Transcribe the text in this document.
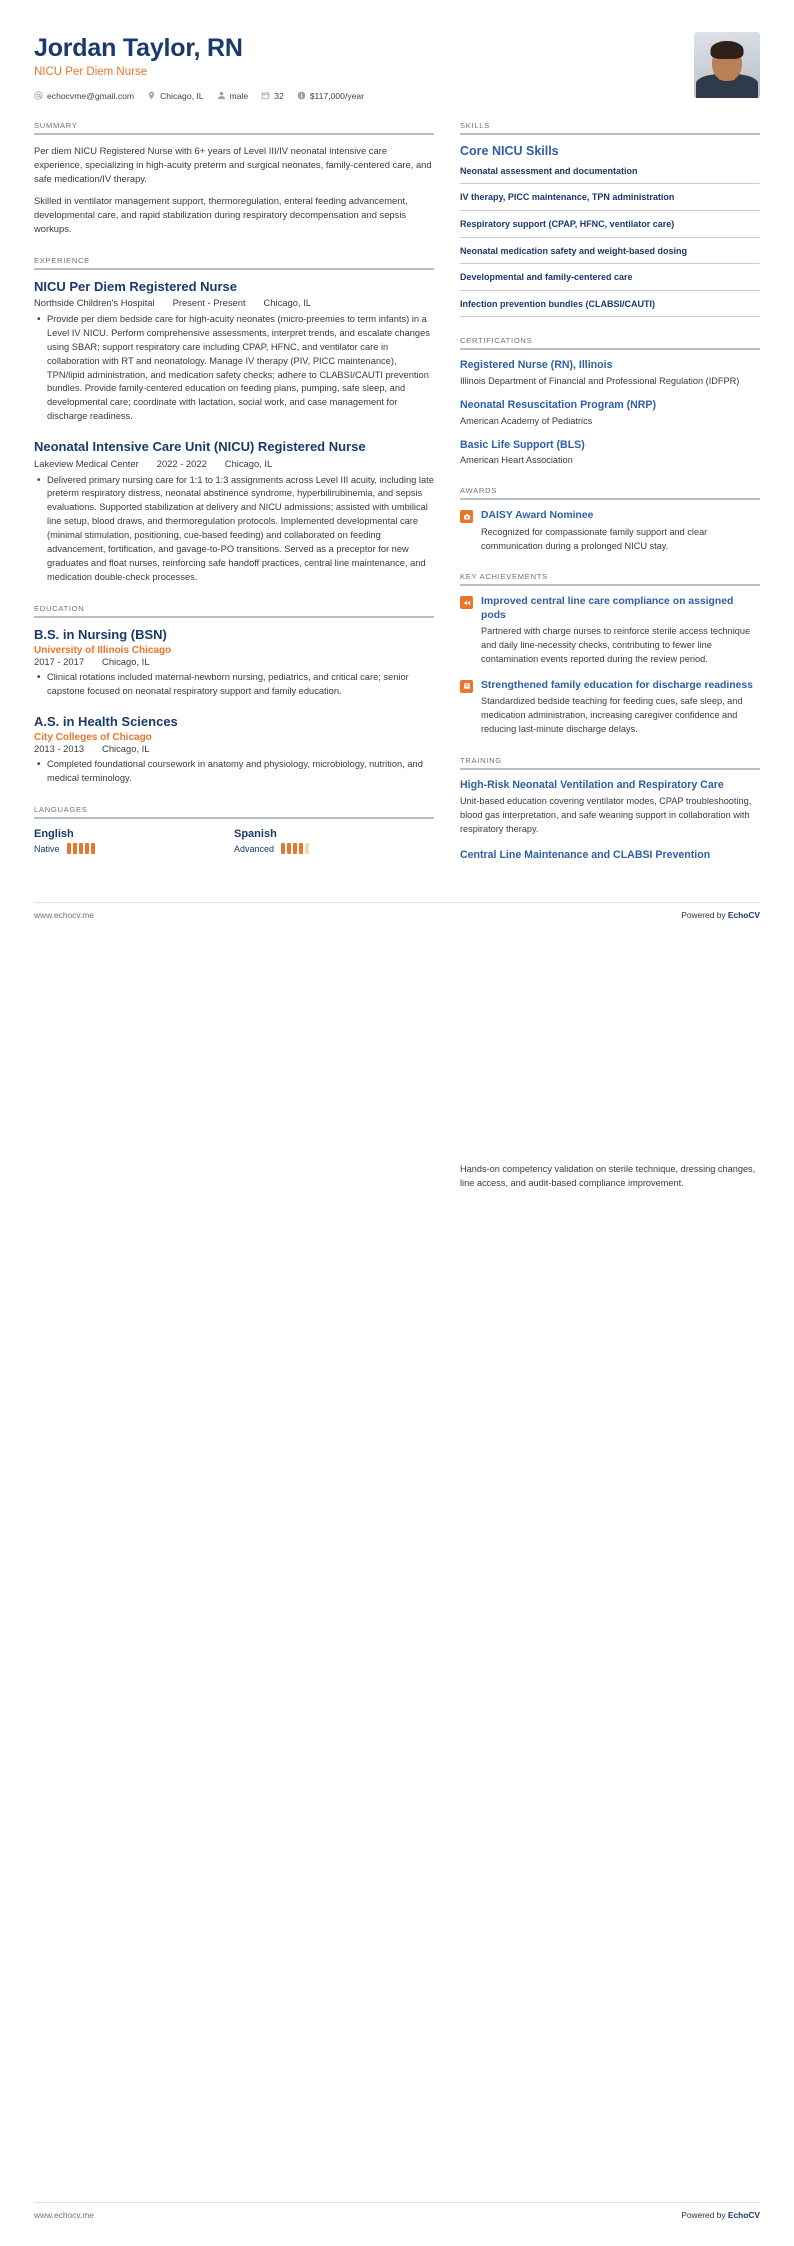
Jordan Taylor, RN
NICU Per Diem Nurse
echocvme@gmail.com	Chicago, IL	male	32	$117,000/year
SUMMARY

Per diem NICU Registered Nurse with 6+ years of Level III/IV neonatal intensive care experience, specializing in high-acuity preterm and surgical neonates, family-centered care, and safe medication/IV therapy.

Skilled in ventilator management support, thermoregulation, enteral feeding advancement, developmental care, and rapid stabilization during respiratory decompensation and sepsis workups.

EXPERIENCE
NICU Per Diem Registered Nurse
Northside Children's Hospital Present - Present Chicago, IL
• Provide per diem bedside care for high-acuity neonates (micro-preemies to term infants) in a Level IV NICU. Perform comprehensive assessments, interpret trends, and escalate changes using SBAR; support respiratory care including CPAP, HFNC, and ventilator care in collaboration with RT and neonatology. Manage IV therapy (PIV, PICC maintenance), TPN/lipid administration, and medication safety checks; adhere to CLABSI/CAUTI prevention bundles. Provide family-centered education on feeding plans, pumping, safe sleep, and developmental care; coordinate with lactation, social work, and case management for discharge readiness.
Neonatal Intensive Care Unit (NICU) Registered Nurse
Lakeview Medical Center 2022 - 2022 Chicago, IL
• Delivered primary nursing care for 1:1 to 1:3 assignments across Level III acuity, including late preterm respiratory distress, neonatal abstinence syndrome, hyperbilirubinemia, and sepsis evaluations. Supported stabilization at delivery and NICU admissions; assisted with umbilical line setup, blood draws, and thermoregulation protocols. Implemented developmental care (minimal stimulation, positioning, cue-based feeding) and collaborated on feeding advancement, fortification, and gavage-to-PO transitions. Served as a preceptor for new graduates and float nurses, reinforcing safe handoff practices, central line maintenance, and medication double-check processes.
EDUCATION
B.S. in Nursing (BSN)
University of Illinois Chicago
2017 - 2017 Chicago, IL
• Clinical rotations included maternal-newborn nursing, pediatrics, and critical care; senior capstone focused on neonatal respiratory support and family education.
A.S. in Health Sciences
City Colleges of Chicago
2013 - 2013 Chicago, IL
• Completed foundational coursework in anatomy and physiology, microbiology, nutrition, and medical terminology.
LANGUAGES
English
Native
Spanish
Advanced
SKILLS
Core NICU Skills
Neonatal assessment and documentation
IV therapy, PICC maintenance, TPN administration
Respiratory support (CPAP, HFNC, ventilator care)
Neonatal medication safety and weight-based dosing
Developmental and family-centered care
Infection prevention bundles (CLABSI/CAUTI)
CERTIFICATIONS
Registered Nurse (RN), Illinois
Illinois Department of Financial and Professional Regulation (IDFPR)
Neonatal Resuscitation Program (NRP)
American Academy of Pediatrics
Basic Life Support (BLS)
American Heart Association
AWARDS
DAISY Award Nominee
Recognized for compassionate family support and clear communication during a prolonged NICU stay.
KEY ACHIEVEMENTS
Improved central line care compliance on assigned pods
Partnered with charge nurses to reinforce sterile access technique and daily line-necessity checks, contributing to fewer line contamination events reported during the review period.
Strengthened family education for discharge readiness
Standardized bedside teaching for feeding cues, safe sleep, and medication administration, increasing caregiver confidence and reducing last-minute discharge delays.
TRAINING
High-Risk Neonatal Ventilation and Respiratory Care
Unit-based education covering ventilator modes, CPAP troubleshooting, blood gas interpretation, and safe weaning support in collaboration with respiratory therapy.
Central Line Maintenance and CLABSI Prevention
www.echocv.me	Powered by EchoCV
Hands-on competency validation on sterile technique, dressing changes, line access, and audit-based compliance improvement.
www.echocv.me	Powered by EchoCV
